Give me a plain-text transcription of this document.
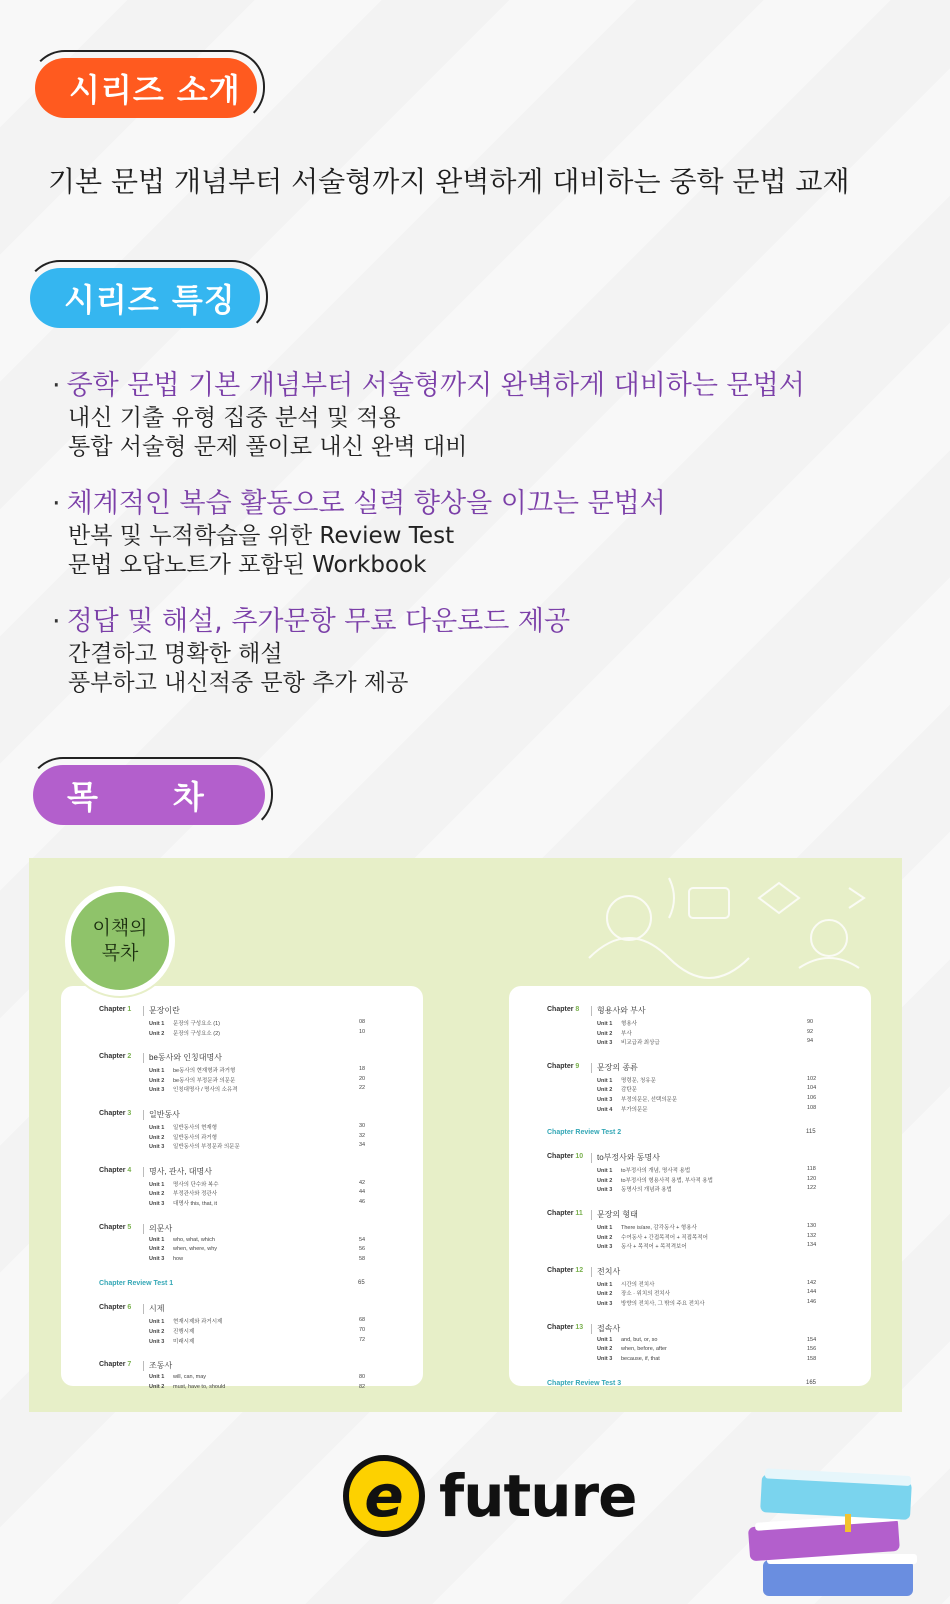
시리즈 소개
기본 문법 개념부터 서술형까지 완벽하게 대비하는 중학 문법 교재
시리즈 특징
· 중학 문법 기본 개념부터 서술형까지 완벽하게 대비하는 문법서
내신 기출 유형 집중 분석 및 적용
통합 서술형 문제 풀이로 내신 완벽 대비
· 체계적인 복습 활동으로 실력 향상을 이끄는 문법서
반복 및 누적학습을 위한 Review Test
문법 오답노트가 포함된 Workbook
· 정답 및 해설, 추가문항 무료 다운로드 제공
간결하고 명확한 해설
풍부하고 내신적중 문항 추가 제공
목 차
이책의
목차
Chapter 1 문장이란
Unit 1 문장의 구성요소 (1)	08
Unit 2 문장의 구성요소 (2)	10
Chapter 2 be동사와 인칭대명사
Unit 1 be동사의 현재형과 과거형	18
Unit 2 be동사의 부정문과 의문문	20
Unit 3 인칭대명사 / 명사의 소유격	22
Chapter 3 일반동사
Unit 1 일반동사의 현재형	30
Unit 2 일반동사의 과거형	32
Unit 3 일반동사의 부정문과 의문문	34
Chapter 4 명사, 관사, 대명사
Unit 1 명사의 단수와 복수	42
Unit 2 부정관사와 정관사	44
Unit 3 대명사 this, that, it	46
Chapter 5 의문사
Unit 1 who, what, which	54
Unit 2 when, where, why	56
Unit 3 how	58
Chapter Review Test 1	65
Chapter 6 시제
Unit 1 현재시제와 과거시제	68
Unit 2 진행시제	70
Unit 3 미래시제	72
Chapter 7 조동사
Unit 1 will, can, may	80
Unit 2 must, have to, should	82
Chapter 8 형용사와 부사
Unit 1 형용사	90
Unit 2 부사	92
Unit 3 비교급과 최상급	94
Chapter 9 문장의 종류
Unit 1 명령문, 청유문	102
Unit 2 감탄문	104
Unit 3 부정의문문, 선택의문문	106
Unit 4 부가의문문	108
Chapter Review Test 2	115
Chapter 10 to부정사와 동명사
Unit 1 to부정사의 개념, 명사적 용법	118
Unit 2 to부정사의 형용사적 용법, 부사적 용법	120
Unit 3 동명사의 개념과 용법	122
Chapter 11 문장의 형태
Unit 1 There is/are, 감각동사 + 형용사	130
Unit 2 수여동사 + 간접목적어 + 직접목적어	132
Unit 3 동사 + 목적어 + 목적격보어	134
Chapter 12 전치사
Unit 1 시간의 전치사	142
Unit 2 장소 · 위치의 전치사	144
Unit 3 방향의 전치사, 그 밖의 주요 전치사	146
Chapter 13 접속사
Unit 1 and, but, or, so	154
Unit 2 when, before, after	156
Unit 3 because, if, that	158
Chapter Review Test 3	165
e future
